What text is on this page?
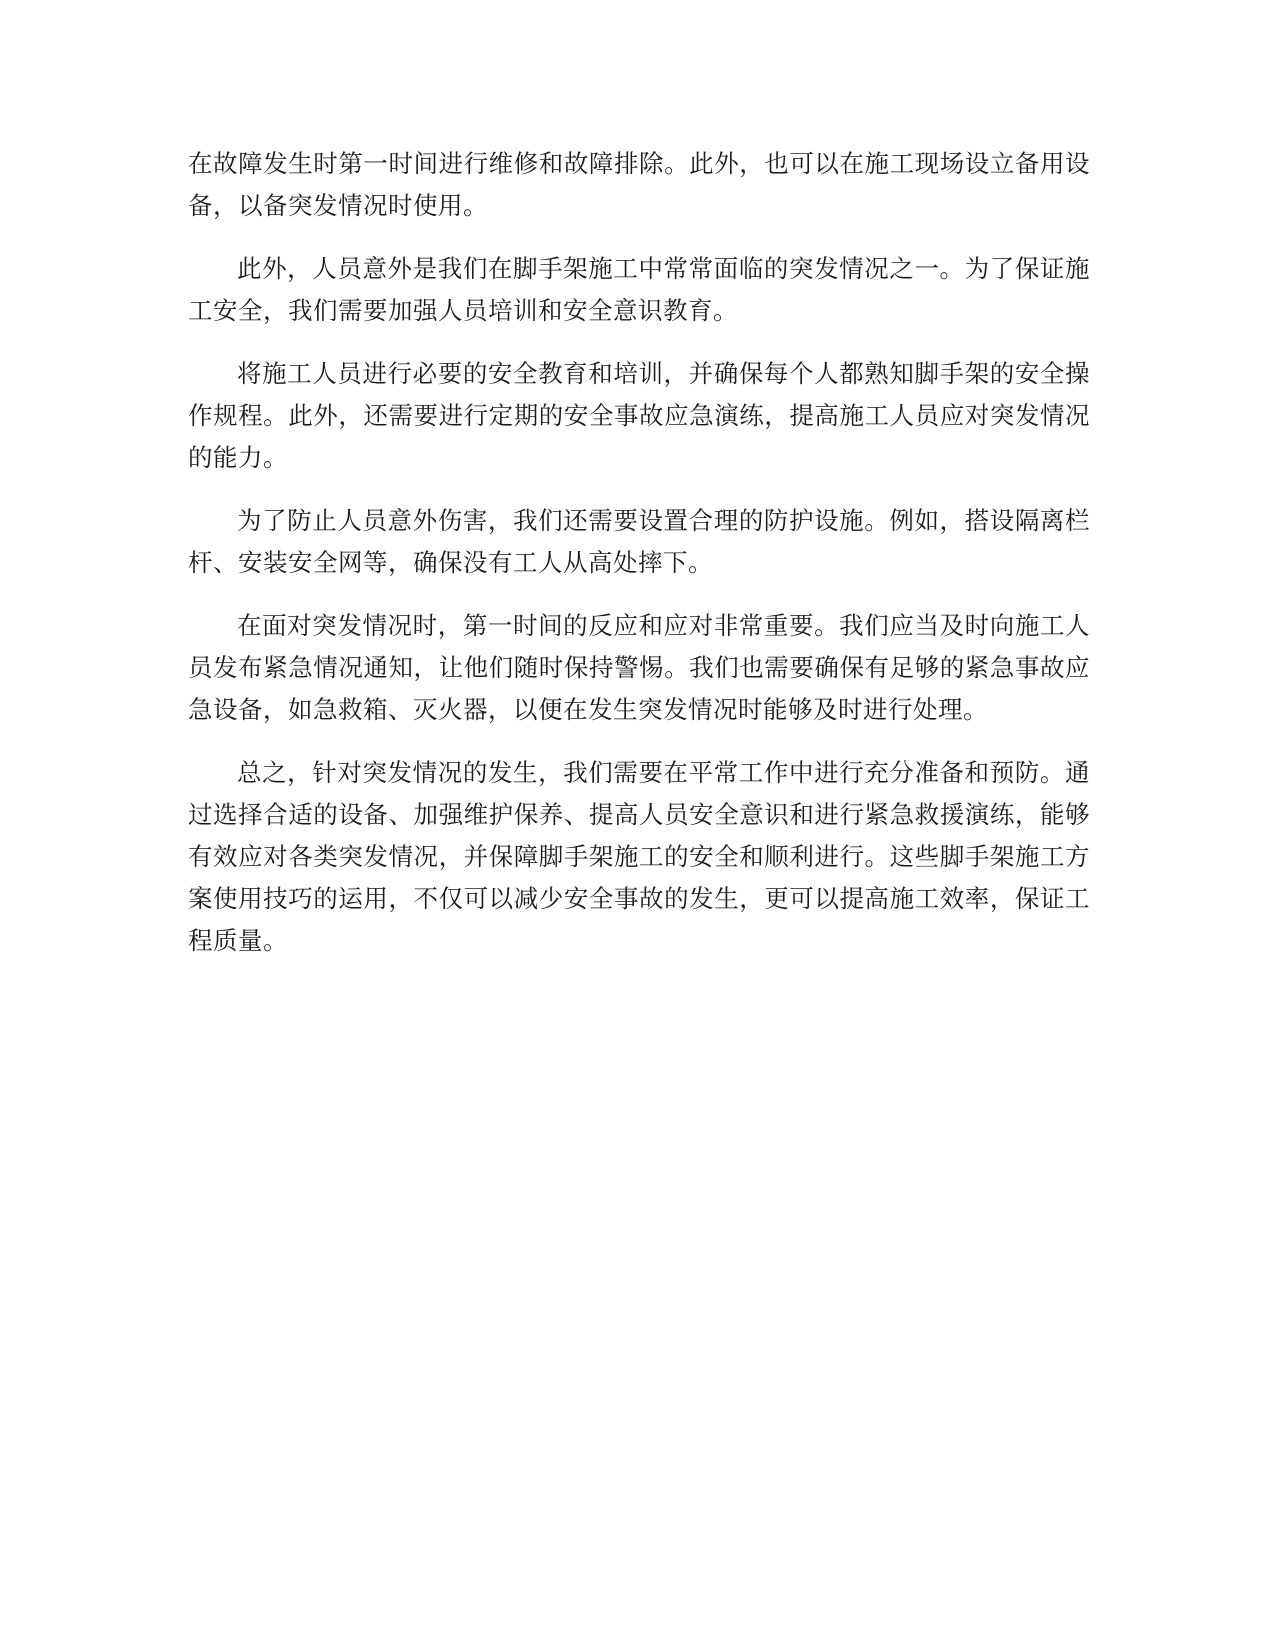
在故障发生时第一时间进行维修和故障排除。此外，也可以在施工现场设立备用设备，以备突发情况时使用。

此外，人员意外是我们在脚手架施工中常常面临的突发情况之一。为了保证施工安全，我们需要加强人员培训和安全意识教育。

将施工人员进行必要的安全教育和培训，并确保每个人都熟知脚手架的安全操作规程。此外，还需要进行定期的安全事故应急演练，提高施工人员应对突发情况的能力。

为了防止人员意外伤害，我们还需要设置合理的防护设施。例如，搭设隔离栏杆、安装安全网等，确保没有工人从高处摔下。

在面对突发情况时，第一时间的反应和应对非常重要。我们应当及时向施工人员发布紧急情况通知，让他们随时保持警惕。我们也需要确保有足够的紧急事故应急设备，如急救箱、灭火器，以便在发生突发情况时能够及时进行处理。

总之，针对突发情况的发生，我们需要在平常工作中进行充分准备和预防。通过选择合适的设备、加强维护保养、提高人员安全意识和进行紧急救援演练，能够有效应对各类突发情况，并保障脚手架施工的安全和顺利进行。这些脚手架施工方案使用技巧的运用，不仅可以减少安全事故的发生，更可以提高施工效率，保证工程质量。
